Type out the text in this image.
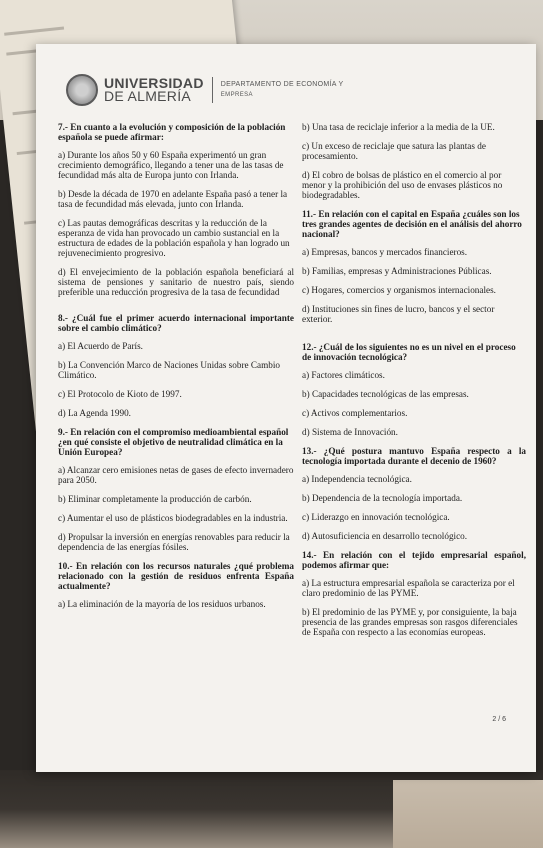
UNIVERSIDAD
DE ALMERÍA
DEPARTAMENTO DE ECONOMÍA Y
EMPRESA

7.- En cuanto a la evolución y composición de la población española se puede afirmar:

a) Durante los años 50 y 60 España experimentó un gran crecimiento demográfico, llegando a tener una de las tasas de fecundidad más alta de Europa junto con Irlanda.

b) Desde la década de 1970 en adelante España pasó a tener la tasa de fecundidad más elevada, junto con Irlanda.

c) Las pautas demográficas descritas y la reducción de la esperanza de vida han provocado un cambio sustancial en la estructura de edades de la población española y han logrado un rejuvenecimiento progresivo.

d) El envejecimiento de la población española beneficiará al sistema de pensiones y sanitario de nuestro país, siendo preferible una reducción progresiva de la tasa de fecundidad

8.- ¿Cuál fue el primer acuerdo internacional importante sobre el cambio climático?

a) El Acuerdo de París.

b) La Convención Marco de Naciones Unidas sobre Cambio Climático.

c) El Protocolo de Kioto de 1997.

d) La Agenda 1990.

9.- En relación con el compromiso medioambiental español ¿en qué consiste el objetivo de neutralidad climática en la Unión Europea?

a) Alcanzar cero emisiones netas de gases de efecto invernadero para 2050.

b) Eliminar completamente la producción de carbón.

c) Aumentar el uso de plásticos biodegradables en la industria.

d) Propulsar la inversión en energías renovables para reducir la dependencia de las energías fósiles.

10.- En relación con los recursos naturales ¿qué problema relacionado con la gestión de residuos enfrenta España actualmente?

a) La eliminación de la mayoría de los residuos urbanos.

b) Una tasa de reciclaje inferior a la media de la UE.

c) Un exceso de reciclaje que satura las plantas de procesamiento.

d) El cobro de bolsas de plástico en el comercio al por menor y la prohibición del uso de envases plásticos no biodegradables.

11.- En relación con el capital en España ¿cuáles son los tres grandes agentes de decisión en el análisis del ahorro nacional?

a) Empresas, bancos y mercados financieros.

b) Familias, empresas y Administraciones Públicas.

c) Hogares, comercios y organismos internacionales.

d) Instituciones sin fines de lucro, bancos y el sector exterior.

12.- ¿Cuál de los siguientes no es un nivel en el proceso de innovación tecnológica?

a) Factores climáticos.

b) Capacidades tecnológicas de las empresas.

c) Activos complementarios.

d) Sistema de Innovación.

13.- ¿Qué postura mantuvo España respecto a la tecnología importada durante el decenio de 1960?

a) Independencia tecnológica.

b) Dependencia de la tecnología importada.

c) Liderazgo en innovación tecnológica.

d) Autosuficiencia en desarrollo tecnológico.

14.- En relación con el tejido empresarial español, podemos afirmar que:

a) La estructura empresarial española se caracteriza por el claro predominio de las PYME.

b) El predominio de las PYME y, por consiguiente, la baja presencia de las grandes empresas son rasgos diferenciales de España con respecto a las economías europeas.

2 / 6
